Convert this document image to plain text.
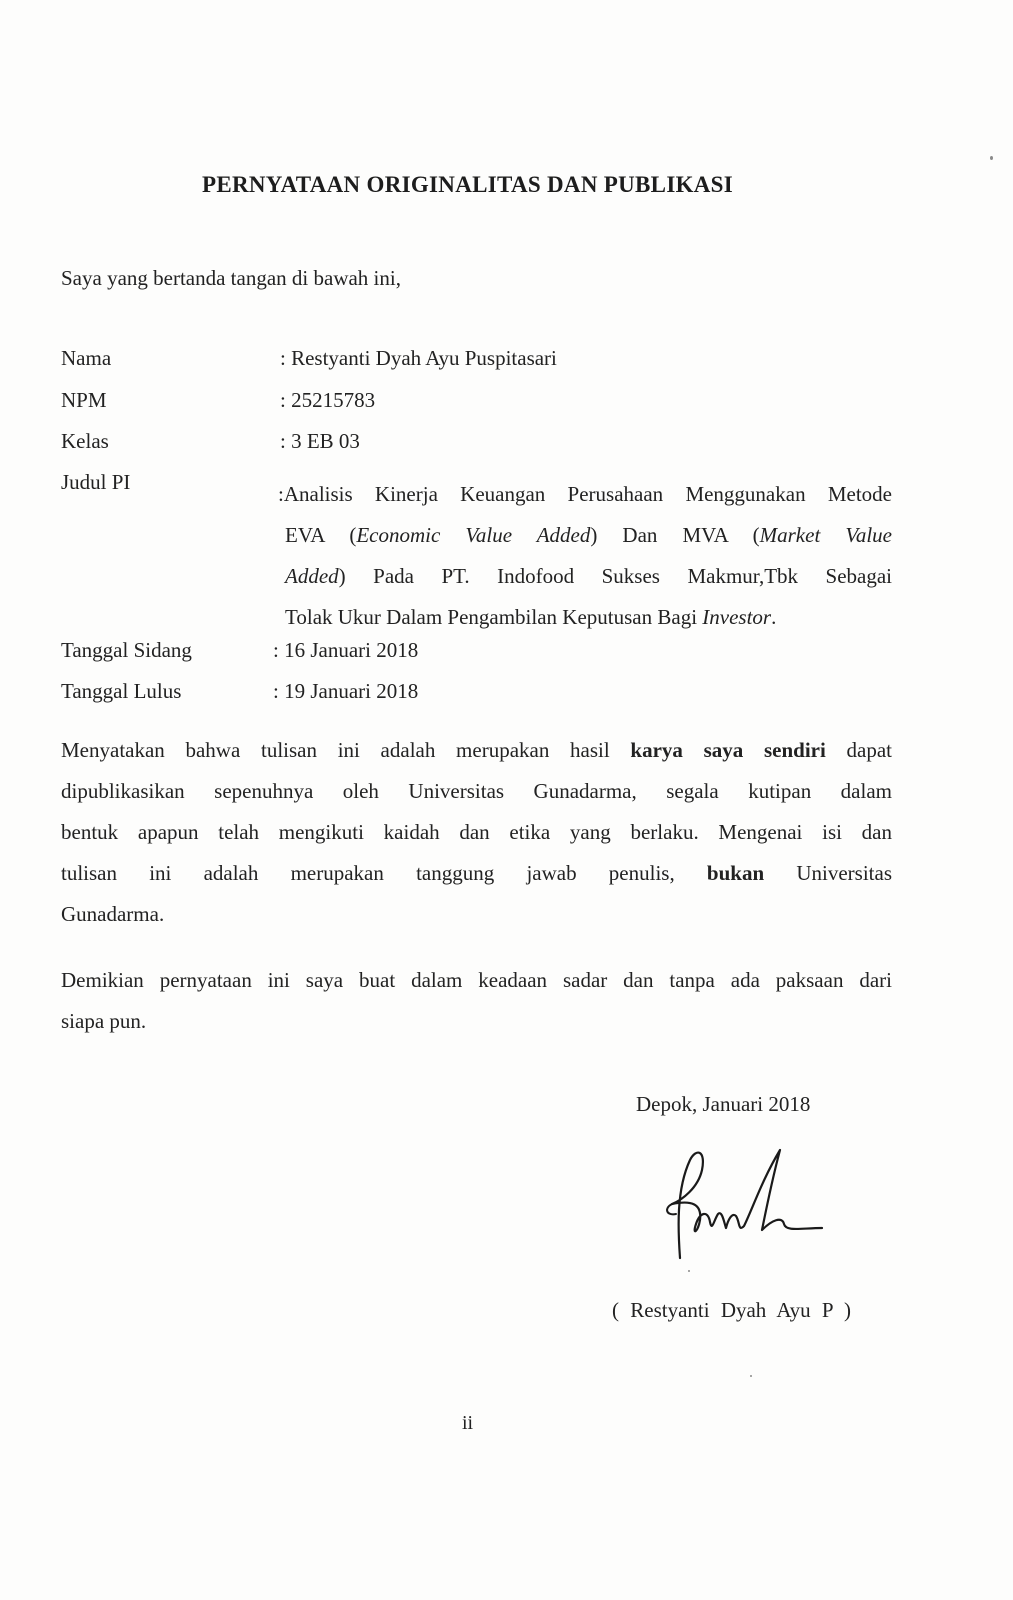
PERNYATAAN ORIGINALITAS DAN PUBLIKASI
Saya yang bertanda tangan di bawah ini,
Nama	: Restyanti Dyah Ayu Puspitasari
NPM	: 25215783
Kelas	: 3 EB 03
Judul PI	:Analisis Kinerja Keuangan Perusahaan Menggunakan Metode
EVA (Economic Value Added) Dan MVA (Market Value
Added) Pada PT. Indofood Sukses Makmur,Tbk Sebagai
Tolak Ukur Dalam Pengambilan Keputusan Bagi Investor.
Tanggal Sidang	: 16 Januari 2018
Tanggal Lulus	: 19 Januari 2018
Menyatakan bahwa tulisan ini adalah merupakan hasil karya saya sendiri dapat
dipublikasikan sepenuhnya oleh Universitas Gunadarma, segala kutipan dalam
bentuk apapun telah mengikuti kaidah dan etika yang berlaku. Mengenai isi dan
tulisan ini adalah merupakan tanggung jawab penulis, bukan Universitas
Gunadarma.
Demikian pernyataan ini saya buat dalam keadaan sadar dan tanpa ada paksaan dari
siapa pun.
Depok, Januari 2018
( Restyanti Dyah Ayu P )
ii
